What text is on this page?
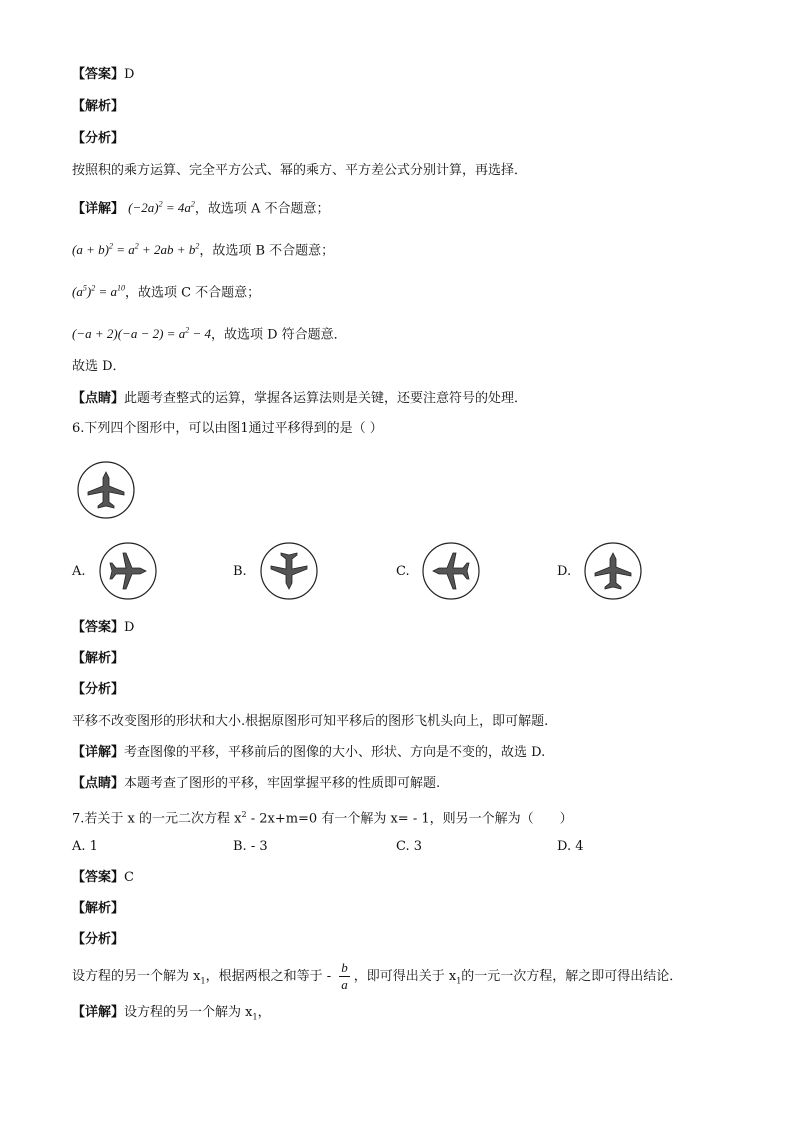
【答案】D
【解析】
【分析】
按照积的乘方运算、完全平方公式、幂的乘方、平方差公式分别计算，再选择．
【详解】 $(-2a)^2 = 4a^2$，故选项 A 不合题意；
$(a + b)^2 = a^2 + 2ab + b^2$，故选项 B 不合题意；
$(a^5)^2 = a^{10}$，故选项 C 不合题意；
$(-a + 2)(-a - 2) = a^2 - 4$，故选项 D 符合题意．
故选 D．
【点睛】此题考查整式的运算，掌握各运算法则是关键，还要注意符号的处理．
6.下列四个图形中，可以由图1通过平移得到的是（ ）
A.	B.	C.	D.
【答案】D
【解析】
【分析】
平移不改变图形的形状和大小.根据原图形可知平移后的图形飞机头向上，即可解题.
【详解】考查图像的平移，平移前后的图像的大小、形状、方向是不变的，故选 D.
【点睛】本题考查了图形的平移，牢固掌握平移的性质即可解题.
7.若关于 x 的一元二次方程 $x^2 - 2x+m=0$ 有一个解为 x= - 1，则另一个解为（　　）
A. 1	B. - 3	C. 3	D. 4
【答案】C
【解析】
【分析】
设方程的另一个解为 $x_1$，根据两根之和等于 - $\frac{b}{a}$ ，即可得出关于 $x_1$的一元一次方程，解之即可得出结论．
【详解】设方程的另一个解为 $x_1$，
